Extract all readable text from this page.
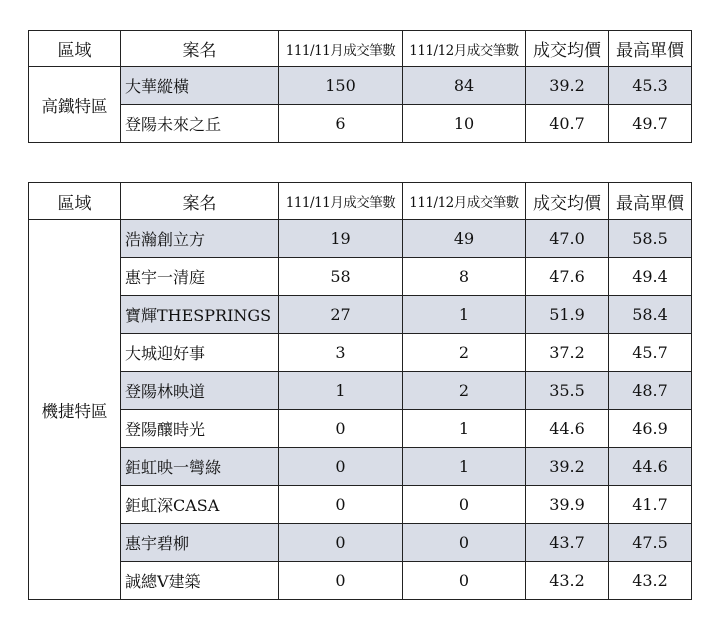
區域	案名	111/11月成交筆數	111/12月成交筆數	成交均價	最高單價
高鐵特區	大華縱橫	150	84	39.2	45.3
	登陽未來之丘	6	10	40.7	49.7
區域	案名	111/11月成交筆數	111/12月成交筆數	成交均價	最高單價
機捷特區	浩瀚創立方	19	49	47.0	58.5
	惠宇一清庭	58	8	47.6	49.4
	寶輝THESPRINGS	27	1	51.9	58.4
	大城迎好事	3	2	37.2	45.7
	登陽林映道	1	2	35.5	48.7
	登陽釀時光	0	1	44.6	46.9
	鉅虹映一彎綠	0	1	39.2	44.6
	鉅虹深CASA	0	0	39.9	41.7
	惠宇碧柳	0	0	43.7	47.5
	誠總V建築	0	0	43.2	43.2
